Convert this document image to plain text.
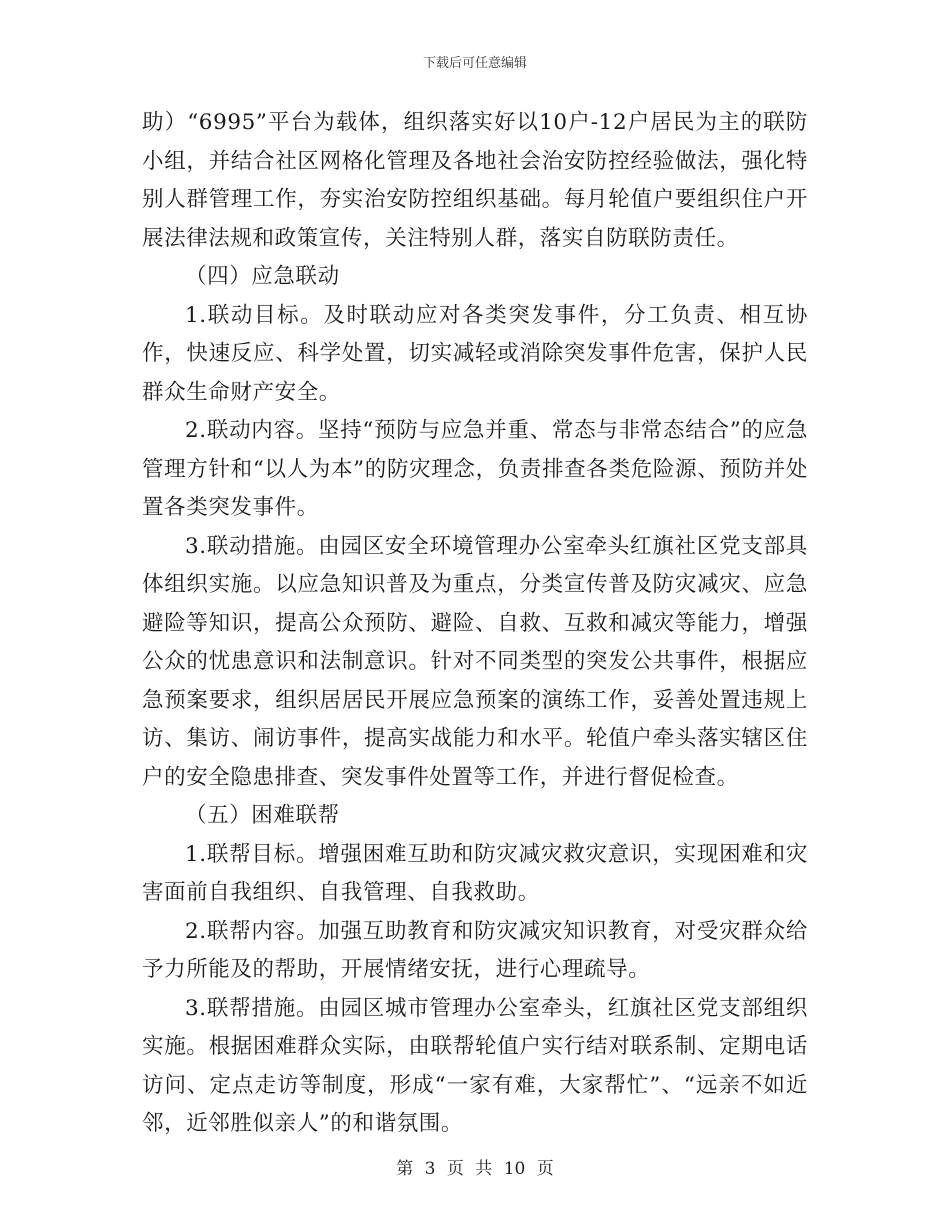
下载后可任意编辑

助）“6995”平台为载体，组织落实好以10户-12户居民为主的联防小组，并结合社区网格化管理及各地社会治安防控经验做法，强化特别人群管理工作，夯实治安防控组织基础。每月轮值户要组织住户开展法律法规和政策宣传，关注特别人群，落实自防联防责任。

（四）应急联动

1.联动目标。及时联动应对各类突发事件，分工负责、相互协作，快速反应、科学处置，切实减轻或消除突发事件危害，保护人民群众生命财产安全。

2.联动内容。坚持“预防与应急并重、常态与非常态结合”的应急管理方针和“以人为本”的防灾理念，负责排查各类危险源、预防并处置各类突发事件。

3.联动措施。由园区安全环境管理办公室牵头红旗社区党支部具体组织实施。以应急知识普及为重点，分类宣传普及防灾减灾、应急避险等知识，提高公众预防、避险、自救、互救和减灾等能力，增强公众的忧患意识和法制意识。针对不同类型的突发公共事件，根据应急预案要求，组织居居民开展应急预案的演练工作，妥善处置违规上访、集访、闹访事件，提高实战能力和水平。轮值户牵头落实辖区住户的安全隐患排查、突发事件处置等工作，并进行督促检查。

（五）困难联帮

1.联帮目标。增强困难互助和防灾减灾救灾意识，实现困难和灾害面前自我组织、自我管理、自我救助。

2.联帮内容。加强互助教育和防灾减灾知识教育，对受灾群众给予力所能及的帮助，开展情绪安抚，进行心理疏导。

3.联帮措施。由园区城市管理办公室牵头，红旗社区党支部组织实施。根据困难群众实际，由联帮轮值户实行结对联系制、定期电话访问、定点走访等制度，形成“一家有难，大家帮忙”、“远亲不如近邻，近邻胜似亲人”的和谐氛围。

第 3 页 共 10 页
